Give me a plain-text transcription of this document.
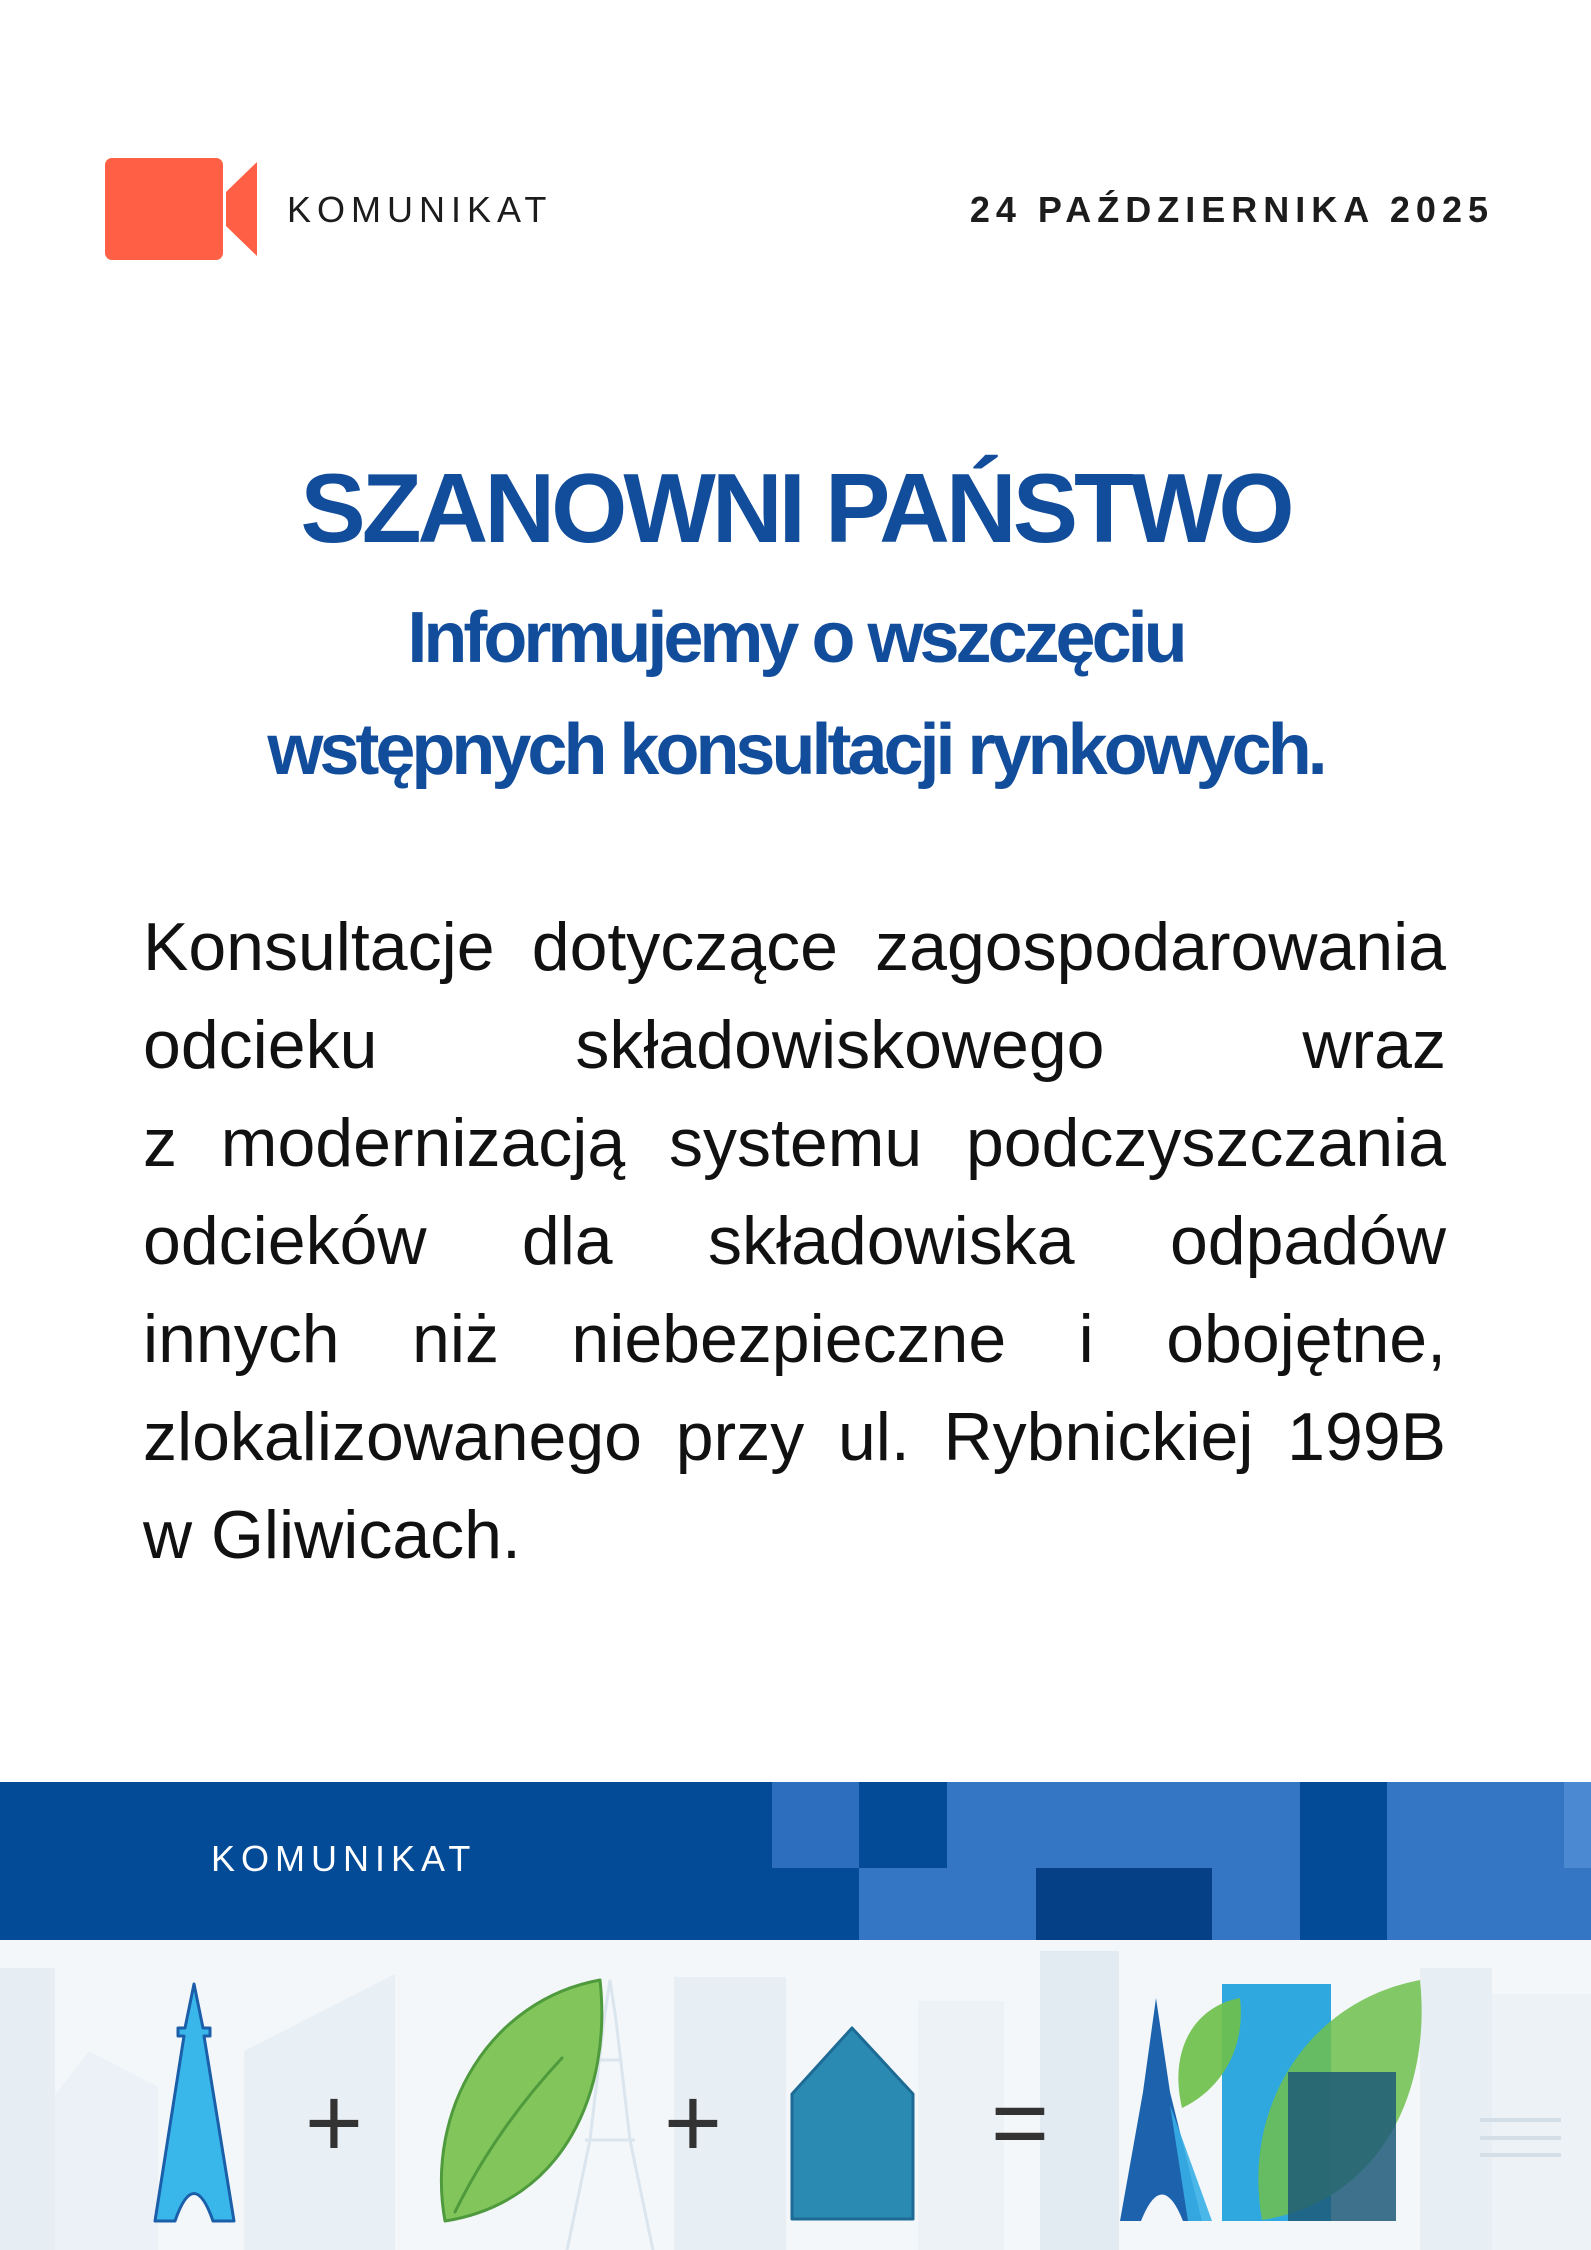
KOMUNIKAT	24 PAŹDZIERNIKA 2025
SZANOWNI PAŃSTWO
Informujemy o wszczęciu
wstępnych konsultacji rynkowych.
Konsultacje dotyczące zagospodarowania
odcieku składowiskowego wraz
z modernizacją systemu podczyszczania
odcieków dla składowiska odpadów
innych niż niebezpieczne i obojętne,
zlokalizowanego przy ul. Rybnickiej 199B
w Gliwicach.
KOMUNIKAT
+	+	=
